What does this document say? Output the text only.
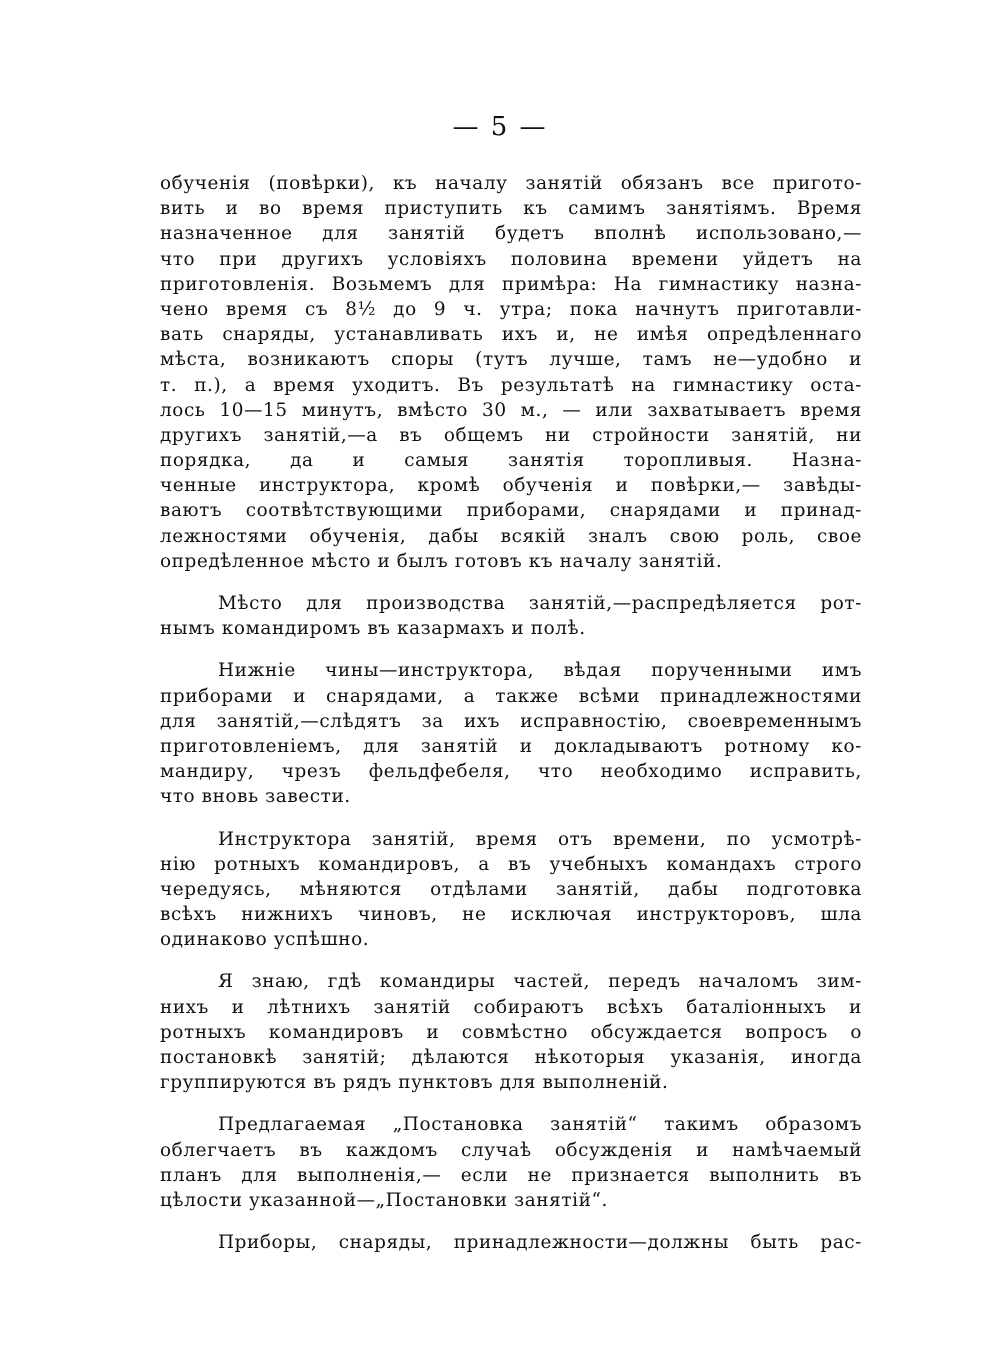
— 5 —
обученія (повѣрки), къ началу занятій обязанъ все пригото-
вить и во время приступить къ самимъ занятіямъ. Время
назначенное для занятій будетъ вполнѣ использовано,—
что при другихъ условіяхъ половина времени уйдетъ на
приготовленія. Возьмемъ для примѣра: На гимнастику назна-
чено время съ 8½ до 9 ч. утра; пока начнутъ приготавли-
вать снаряды, устанавливать ихъ и, не имѣя опредѣленнаго
мѣста, возникаютъ споры (тутъ лучше, тамъ не—удобно и
т. п.), а время уходитъ. Въ результатѣ на гимнастику оста-
лось 10—15 минутъ, вмѣсто 30 м., — или захватываетъ время
другихъ занятій,—а въ общемъ ни стройности занятій, ни
порядка, да и самыя занятія торопливыя. Назна-
ченные инструктора, кромѣ обученія и повѣрки,— завѣды-
ваютъ соотвѣтствующими приборами, снарядами и принад-
лежностями обученія, дабы всякій зналъ свою роль, свое
опредѣленное мѣсто и былъ готовъ къ началу занятій.
Мѣсто для производства занятій,—распредѣляется рот-
нымъ командиромъ въ казармахъ и полѣ.
Нижніе чины—инструктора, вѣдая порученными имъ
приборами и снарядами, а также всѣми принадлежностями
для занятій,—слѣдятъ за ихъ исправностію, своевременнымъ
приготовленіемъ, для занятій и докладываютъ ротному ко-
мандиру, чрезъ фельдфебеля, что необходимо исправить,
что вновь завести.
Инструктора занятій, время отъ времени, по усмотрѣ-
нію ротныхъ командировъ, а въ учебныхъ командахъ строго
чередуясь, мѣняются отдѣлами занятій, дабы подготовка
всѣхъ нижнихъ чиновъ, не исключая инструкторовъ, шла
одинаково успѣшно.
Я знаю, гдѣ командиры частей, передъ началомъ зим-
нихъ и лѣтнихъ занятій собираютъ всѣхъ баталіонныхъ и
ротныхъ командировъ и совмѣстно обсуждается вопросъ о
постановкѣ занятій; дѣлаются нѣкоторыя указанія, иногда
группируются въ рядъ пунктовъ для выполненій.
Предлагаемая „Постановка занятій“ такимъ образомъ
облегчаетъ въ каждомъ случаѣ обсужденія и намѣчаемый
планъ для выполненія,— если не признается выполнить въ
цѣлости указанной—„Постановки занятій“.
Приборы, снаряды, принадлежности—должны быть рас-
